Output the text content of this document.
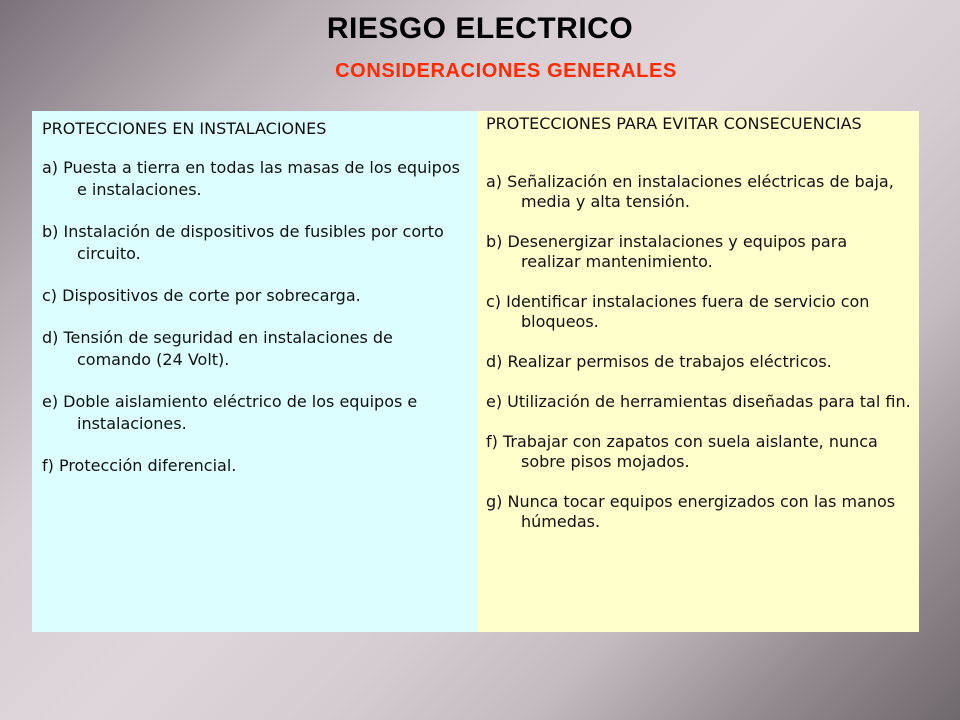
RIESGO ELECTRICO
CONSIDERACIONES GENERALES

PROTECCIONES EN INSTALACIONES

a) Puesta a tierra en todas las masas de los equipos e instalaciones.

b) Instalación de dispositivos de fusibles por corto circuito.

c) Dispositivos de corte por sobrecarga.

d) Tensión de seguridad en instalaciones de comando (24 Volt).

e) Doble aislamiento eléctrico de los equipos e instalaciones.

f) Protección diferencial.

PROTECCIONES PARA EVITAR CONSECUENCIAS

a) Señalización en instalaciones eléctricas de baja, media y alta tensión.

b) Desenergizar instalaciones y equipos para realizar mantenimiento.

c) Identificar instalaciones fuera de servicio con bloqueos.

d) Realizar permisos de trabajos eléctricos.

e) Utilización de herramientas diseñadas para tal fin.

f) Trabajar con zapatos con suela aislante, nunca sobre pisos mojados.

g) Nunca tocar equipos energizados con las manos húmedas.
